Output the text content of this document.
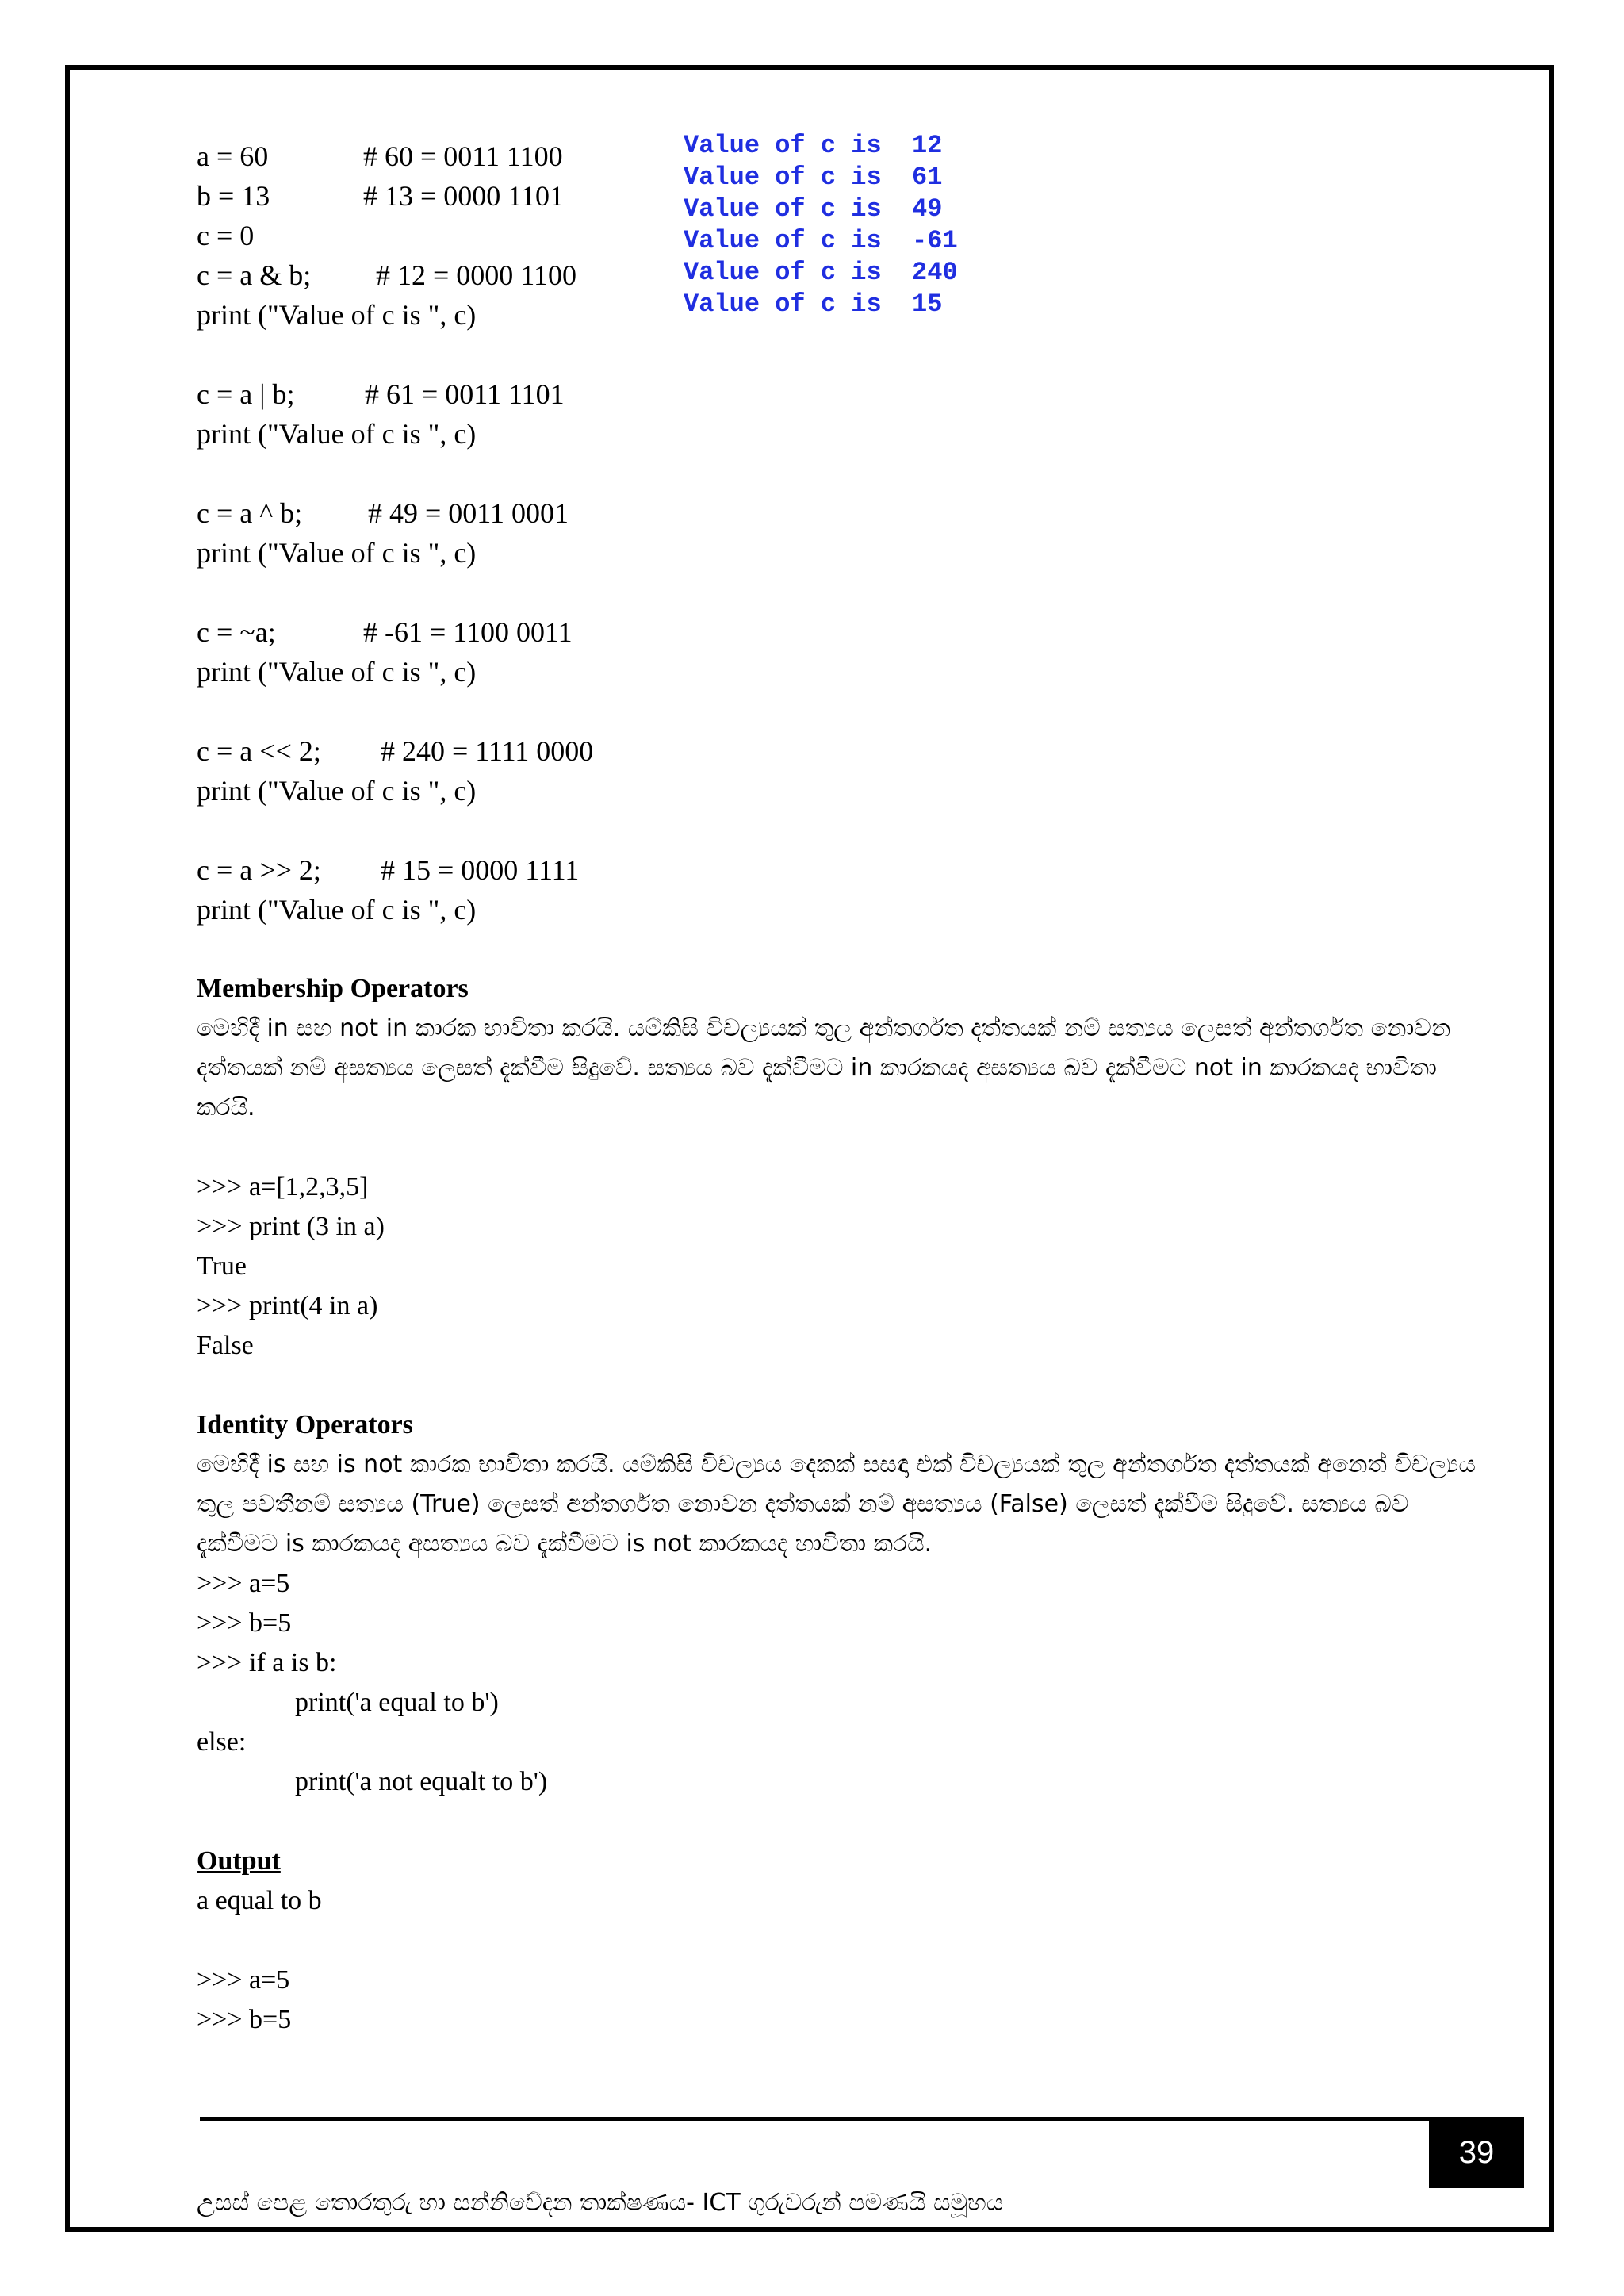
a = 60	# 60 = 0011 1100
b = 13	# 13 = 0000 1101
c = 0
c = a & b; # 12 = 0000 1100
print ("Value of c is ", c)
c = a | b; # 61 = 0011 1101
print ("Value of c is ", c)
c = a ^ b; # 49 = 0011 0001
print ("Value of c is ", c)
c = ~a;	# -61 = 1100 0011
print ("Value of c is ", c)
c = a << 2; # 240 = 1111 0000
print ("Value of c is ", c)
c = a >> 2; # 15 = 0000 1111
print ("Value of c is ", c)
Value of c is  12
Value of c is  61
Value of c is  49
Value of c is  -61
Value of c is  240
Value of c is  15
Membership Operators
මෙහිදී in සහ not in කාරක භාවිතා කරයි. යම්කිසි විචල්‍යයක් තුල අන්තර්ගත දත්තයක් නම් සත්‍යය ලෙසත් අන්තර්ගත නොවන දත්තයක් නම් අසත්‍යය ලෙසත් දැක්වීම සිදුවේ. සත්‍යය බව දැක්වීමට in කාරකයද අසත්‍යය බව දැක්වීමට not in කාරකයද භාවිතා කරයි.
>>> a=[1,2,3,5]
>>> print (3 in a)
True
>>> print(4 in a)
False
Identity Operators
මෙහිදී is සහ is not කාරක භාවිතා කරයි. යම්කිසි විචල්‍යය දෙකක් සසඳා එක් විචල්‍යයක් තුල අන්තර්ගත දත්තයක් අනෙත් විචල්‍යය තුල පවතීනම් සත්‍යය (True) ලෙසත් අන්තර්ගත නොවන දත්තයක් නම් අසත්‍යය (False) ලෙසත් දැක්වීම සිදුවේ. සත්‍යය බව දැක්වීමට is කාරකයද අසත්‍යය බව දැක්වීමට is not කාරකයද භාවිතා කරයි.
>>> a=5
>>> b=5
>>> if a is b:
print('a equal to b')
else:
print('a not equalt to b')
Output
a equal to b
>>> a=5
>>> b=5
39
උසස් පෙළ තොරතුරු හා සන්නිවේදන තාක්ෂණය- ICT ගුරුවරුන් පමණයි සමූහය
